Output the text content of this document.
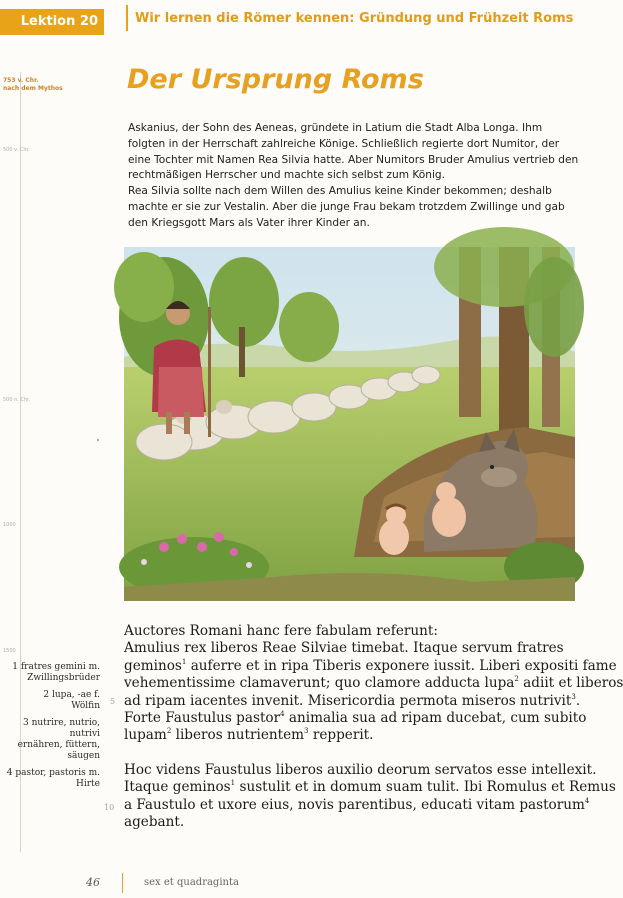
Lektion 20	Wir lernen die Römer kennen: Gründung und Frühzeit Roms
753 v. Chr.
nach dem Mythos
500 v. Chr.
500 n. Chr.
1000
1500
Der Ursprung Roms

Askanius, der Sohn des Aeneas, gründete in Latium die Stadt Alba Longa. Ihm folgten in der Herrschaft zahlreiche Könige. Schließlich regierte dort Numitor, der eine Tochter mit Namen Rea Silvia hatte. Aber Numitors Bruder Amulius vertrieb den rechtmäßigen Herrscher und machte sich selbst zum König.

Rea Silvia sollte nach dem Willen des Amulius keine Kinder bekommen; deshalb machte er sie zur Vestalin. Aber die junge Frau bekam trotzdem Zwillinge und gab den Kriegsgott Mars als Vater ihrer Kinder an.

Auctores Romani hanc fere fabulam referunt:

Amulius rex liberos Reae Silviae timebat. Itaque servum fratres

geminos$^1$ auferre et in ripa Tiberis exponere iussit. Liberi expositi fame

vehementissime clamaverunt; quo clamore adducta lupa$^2$ adiit et liberos

ad ripam iacentes invenit. Misericordia permota miseros nutrivit$^3$.

Forte Faustulus pastor$^4$ animalia sua ad ripam ducebat, cum subito

lupam$^2$ liberos nutrientem$^3$ repperit.

Hoc videns Faustulus liberos auxilio deorum servatos esse intellexit.

Itaque geminos$^1$ sustulit et in domum suam tulit. Ibi Romulus et Remus

a Faustulo et uxore eius, novis parentibus, educati vitam pastorum$^4$

agebant.

5
10
1 fratres gemini m.
Zwillingsbrüder
2 lupa, -ae f.
Wölfin
3 nutrire, nutrio,
nutrivi
ernähren, füttern,
säugen
4 pastor, pastoris m.
Hirte
46	sex et quadraginta
